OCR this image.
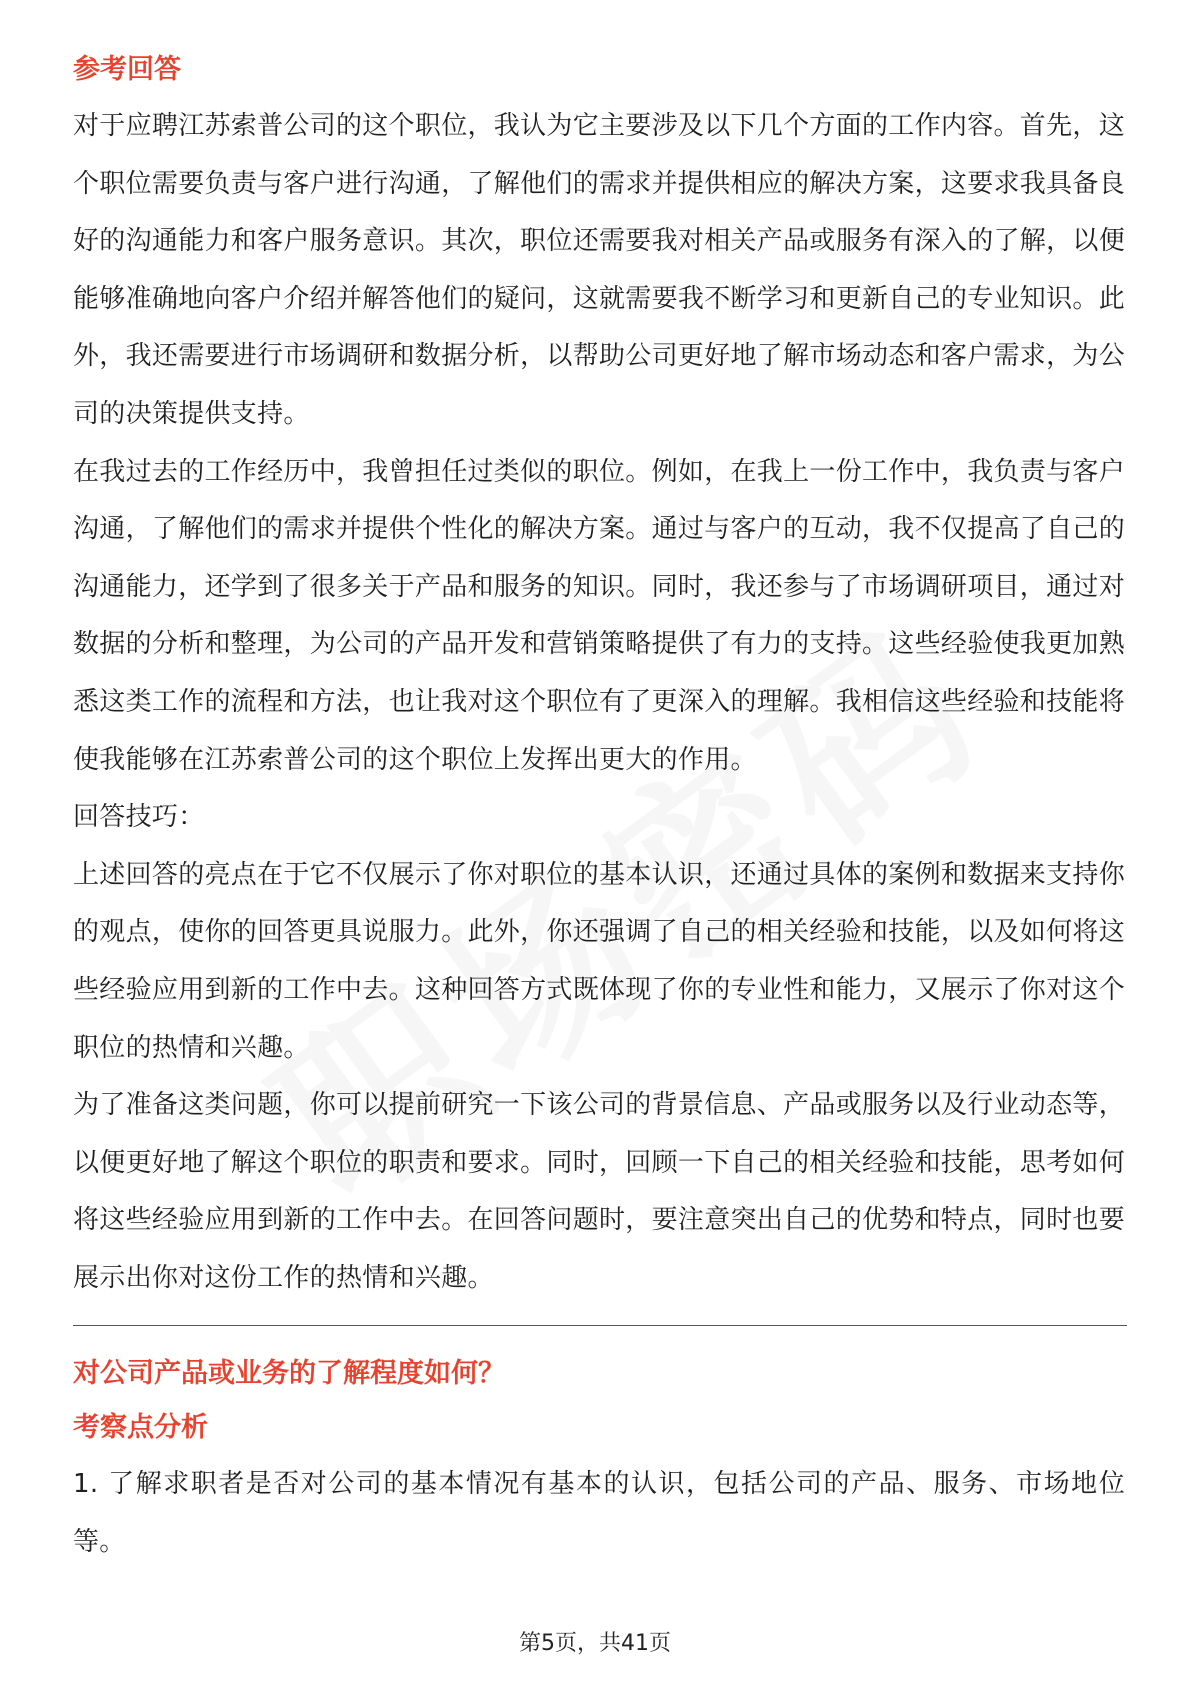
参考回答

对于应聘江苏索普公司的这个职位，我认为它主要涉及以下几个方面的工作内容。首先，这个职位需要负责与客户进行沟通，了解他们的需求并提供相应的解决方案，这要求我具备良好的沟通能力和客户服务意识。其次，职位还需要我对相关产品或服务有深入的了解，以便能够准确地向客户介绍并解答他们的疑问，这就需要我不断学习和更新自己的专业知识。此外，我还需要进行市场调研和数据分析，以帮助公司更好地了解市场动态和客户需求，为公司的决策提供支持。

在我过去的工作经历中，我曾担任过类似的职位。例如，在我上一份工作中，我负责与客户沟通，了解他们的需求并提供个性化的解决方案。通过与客户的互动，我不仅提高了自己的沟通能力，还学到了很多关于产品和服务的知识。同时，我还参与了市场调研项目，通过对数据的分析和整理，为公司的产品开发和营销策略提供了有力的支持。这些经验使我更加熟悉这类工作的流程和方法，也让我对这个职位有了更深入的理解。我相信这些经验和技能将使我能够在江苏索普公司的这个职位上发挥出更大的作用。

回答技巧：

上述回答的亮点在于它不仅展示了你对职位的基本认识，还通过具体的案例和数据来支持你的观点，使你的回答更具说服力。此外，你还强调了自己的相关经验和技能，以及如何将这些经验应用到新的工作中去。这种回答方式既体现了你的专业性和能力，又展示了你对这个职位的热情和兴趣。

为了准备这类问题，你可以提前研究一下该公司的背景信息、产品或服务以及行业动态等，以便更好地了解这个职位的职责和要求。同时，回顾一下自己的相关经验和技能，思考如何将这些经验应用到新的工作中去。在回答问题时，要注意突出自己的优势和特点，同时也要展示出你对这份工作的热情和兴趣。

对公司产品或业务的了解程度如何？
考察点分析

1. 了解求职者是否对公司的基本情况有基本的认识，包括公司的产品、服务、市场地位等。

第5页，共41页
